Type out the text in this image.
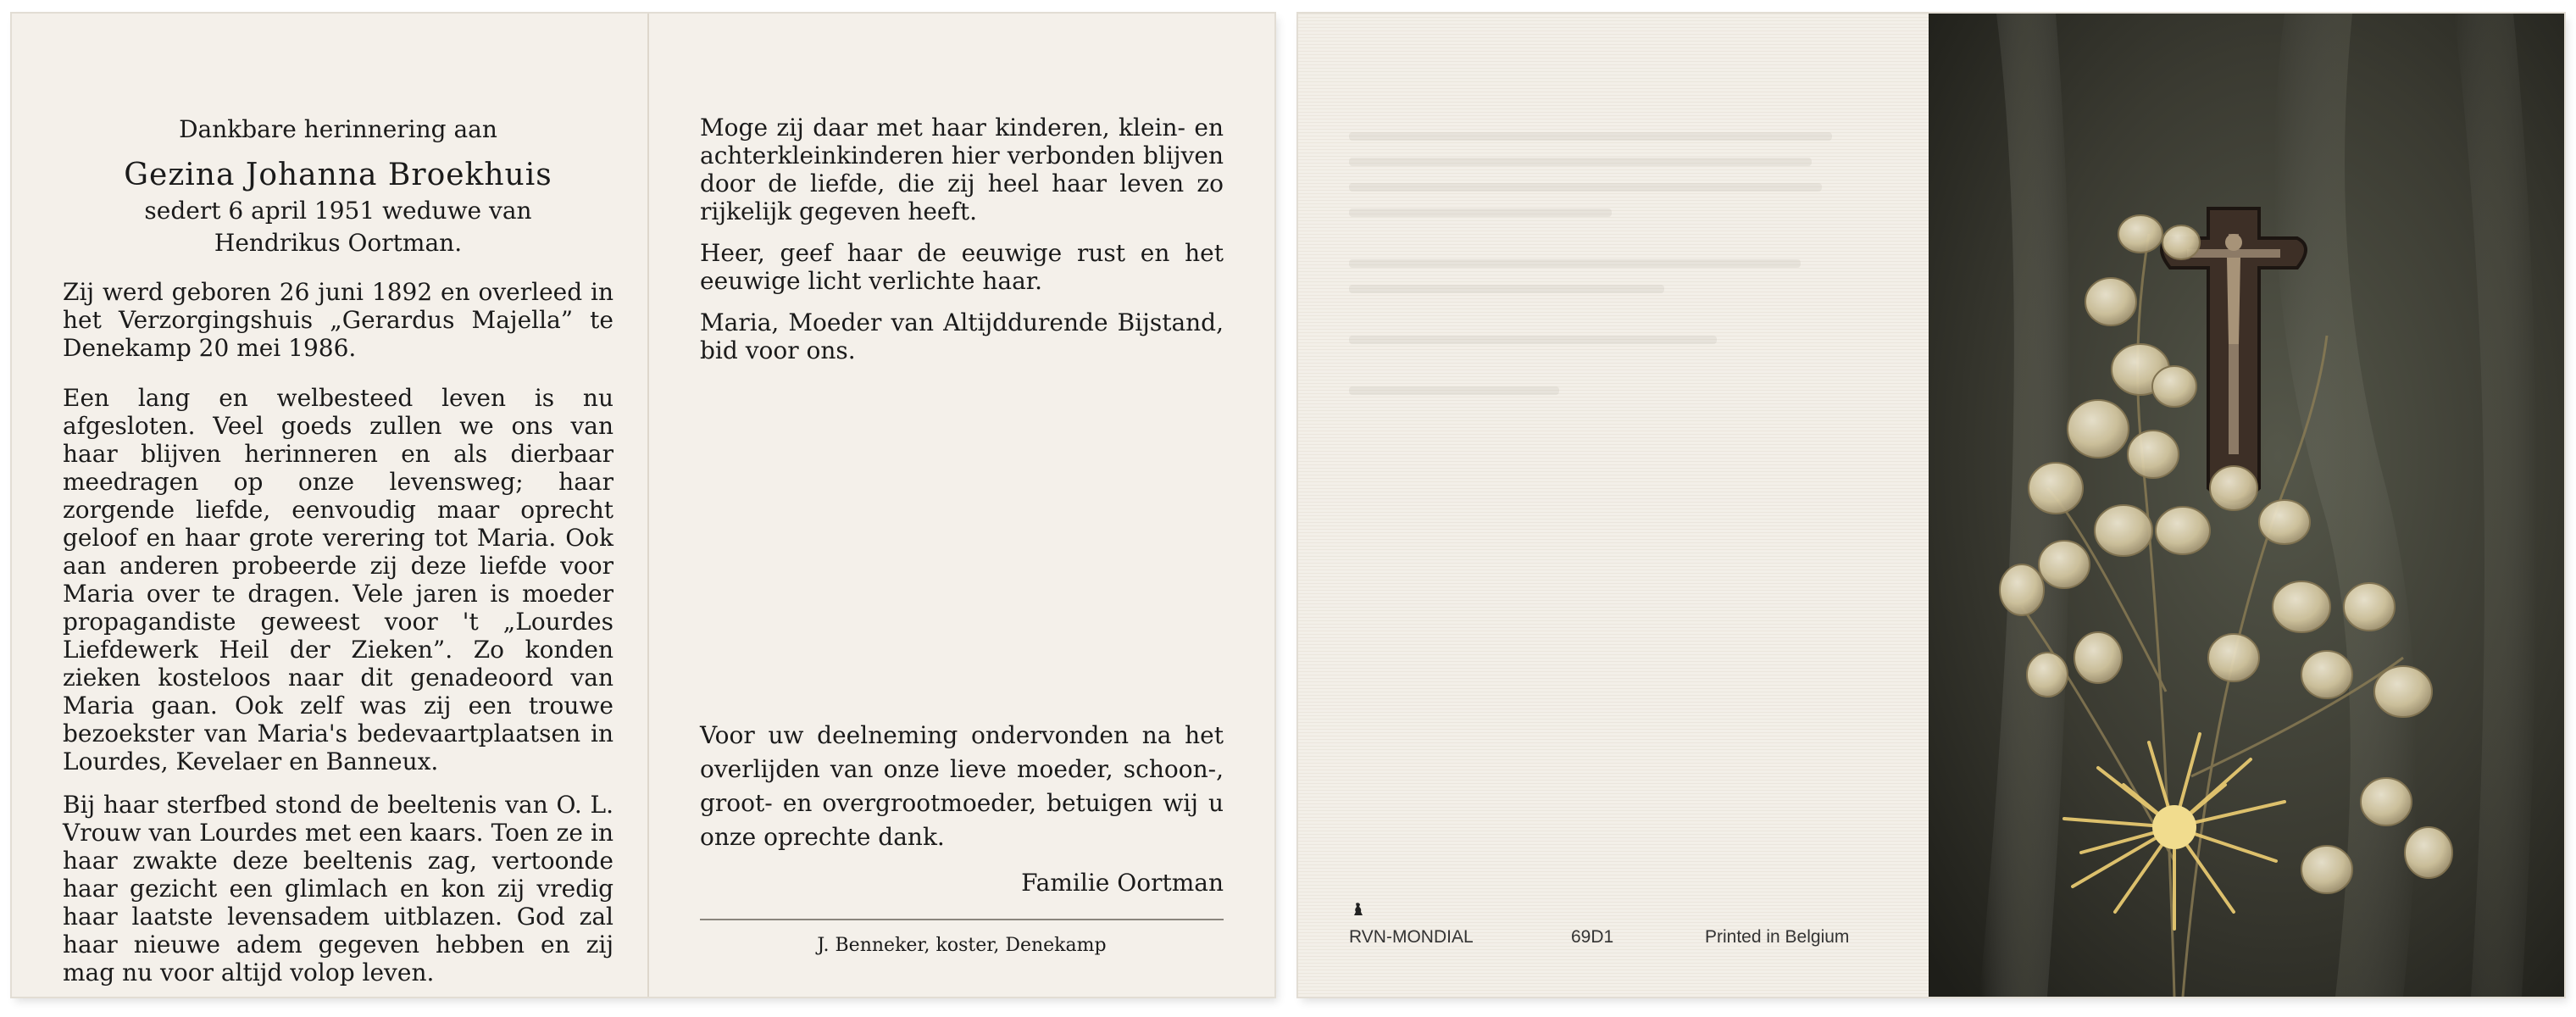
Dankbare herinnering aan
Gezina Johanna Broekhuis
sedert 6 april 1951 weduwe van
Hendrikus Oortman.

Zij werd geboren 26 juni 1892 en overleed in het Verzorgingshuis „Gerardus Majella” te Denekamp 20 mei 1986.

Een lang en welbesteed leven is nu afgesloten. Veel goeds zullen we ons van haar blijven herinneren en als dierbaar meedragen op onze levensweg; haar zorgende liefde, eenvoudig maar oprecht geloof en haar grote verering tot Maria. Ook aan anderen probeerde zij deze liefde voor Maria over te dragen. Vele jaren is moeder propagandiste geweest voor 't „Lourdes Liefdewerk Heil der Zieken”. Zo konden zieken kosteloos naar dit genadeoord van Maria gaan. Ook zelf was zij een trouwe bezoekster van Maria's bedevaartplaatsen in Lourdes, Kevelaer en Banneux.

Bij haar sterfbed stond de beeltenis van O. L. Vrouw van Lourdes met een kaars. Toen ze in haar zwakte deze beeltenis zag, vertoonde haar gezicht een glimlach en kon zij vredig haar laatste levensadem uitblazen. God zal haar nieuwe adem gegeven hebben en zij mag nu voor altijd volop leven.

Moge zij daar met haar kinderen, klein- en achterkleinkinderen hier verbonden blijven door de liefde, die zij heel haar leven zo rijkelijk gegeven heeft.

Heer, geef haar de eeuwige rust en het eeuwige licht verlichte haar.

Maria, Moeder van Altijddurende Bijstand, bid voor ons.

Voor uw deelneming ondervonden na het overlijden van onze lieve moeder, schoon-, groot- en overgrootmoeder, betuigen wij u onze oprechte dank.

Familie Oortman
J. Benneker, koster, Denekamp	RVN-MONDIAL	69D1	Printed in Belgium
